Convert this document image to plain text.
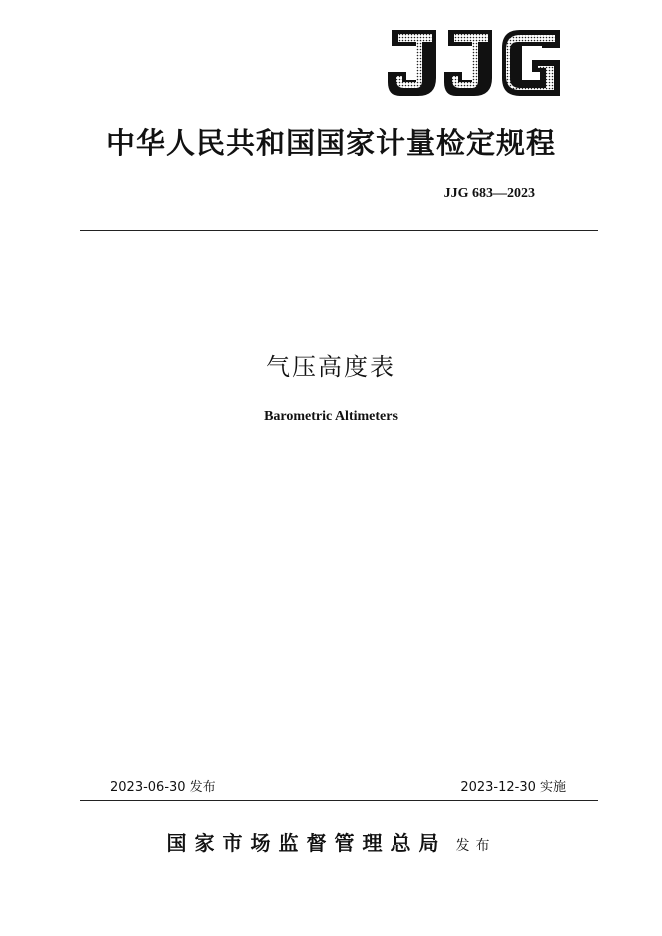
中华人民共和国国家计量检定规程
JJG 683—2023
气压高度表
Barometric Altimeters
2023-06-30 发布	2023-12-30 实施
国家市场监督管理总局 发布
